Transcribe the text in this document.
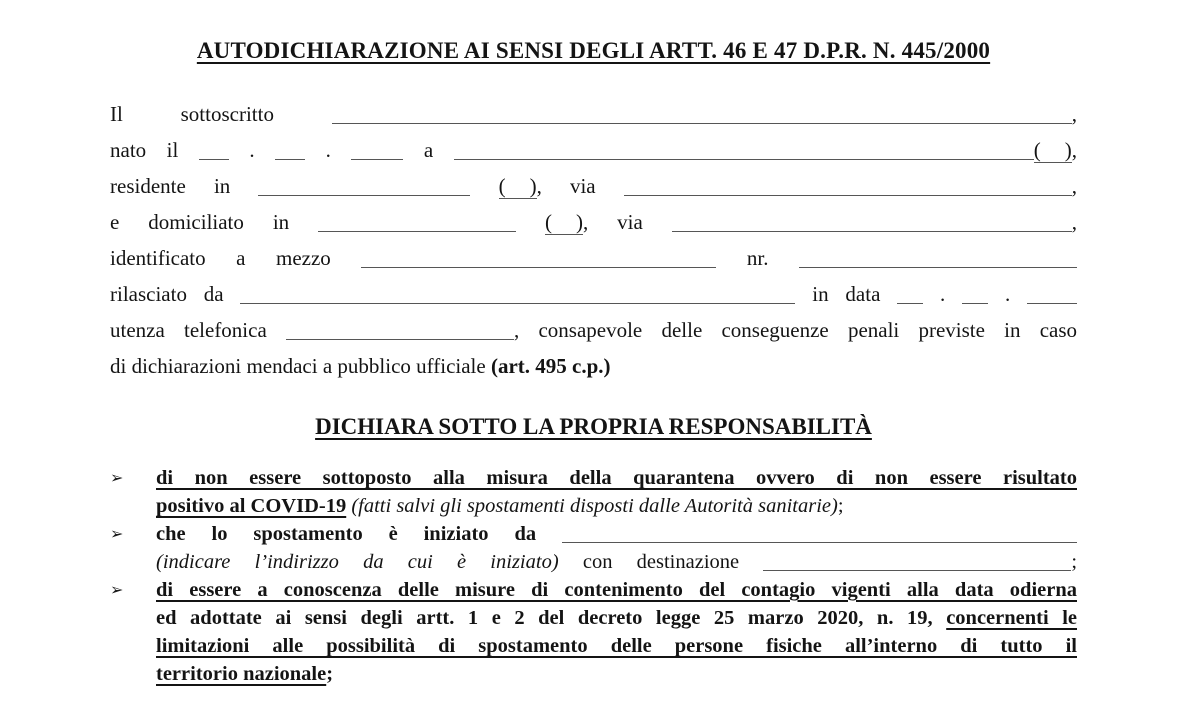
AUTODICHIARAZIONE AI SENSI DEGLI ARTT. 46 E 47 D.P.R. N. 445/2000
Il sottoscritto	,
nato il  .  .  a	( ),
residente in	( ), via	,
e domiciliato in	( ), via	,
identificato a mezzo	nr.
rilasciato da	in data  .  .
utenza telefonica	, consapevole delle conseguenze penali previste in caso
di dichiarazioni mendaci a pubblico ufficiale (art. 495 c.p.)
DICHIARA SOTTO LA PROPRIA RESPONSABILITÀ
➢	di non essere sottoposto alla misura della quarantena ovvero di non essere risultato
positivo al COVID-19 (fatti salvi gli spostamenti disposti dalle Autorità sanitarie);
➢	che lo spostamento è iniziato da
(indicare l’indirizzo da cui è iniziato) con destinazione	;
➢	di essere a conoscenza delle misure di contenimento del contagio vigenti alla data odierna
ed adottate ai sensi degli artt. 1 e 2 del decreto legge 25 marzo 2020, n. 19, concernenti le
limitazioni alle possibilità di spostamento delle persone fisiche all’interno di tutto il
territorio nazionale;
